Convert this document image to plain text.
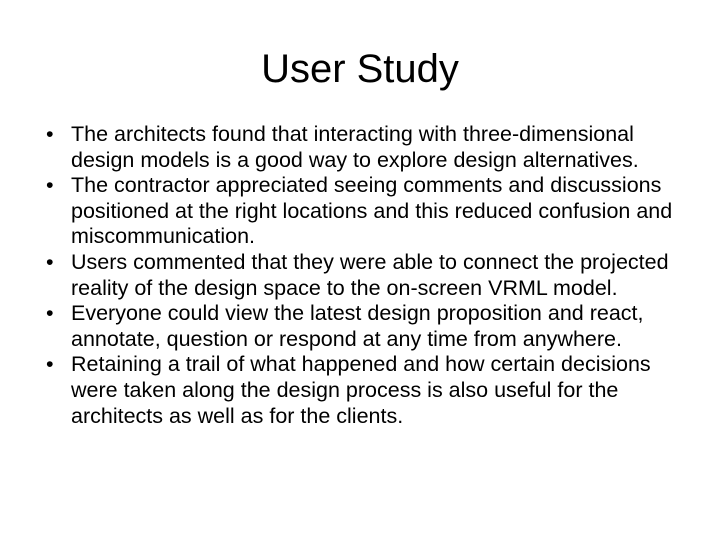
User Study
• The architects found that interacting with three-dimensional design models is a good way to explore design alternatives.
• The contractor appreciated seeing comments and discussions positioned at the right locations and this reduced confusion and miscommunication.
• Users commented that they were able to connect the projected reality of the design space to the on-screen VRML model.
• Everyone could view the latest design proposition and react, annotate, question or respond at any time from anywhere.
• Retaining a trail of what happened and how certain decisions were taken along the design process is also useful for the architects as well as for the clients.
